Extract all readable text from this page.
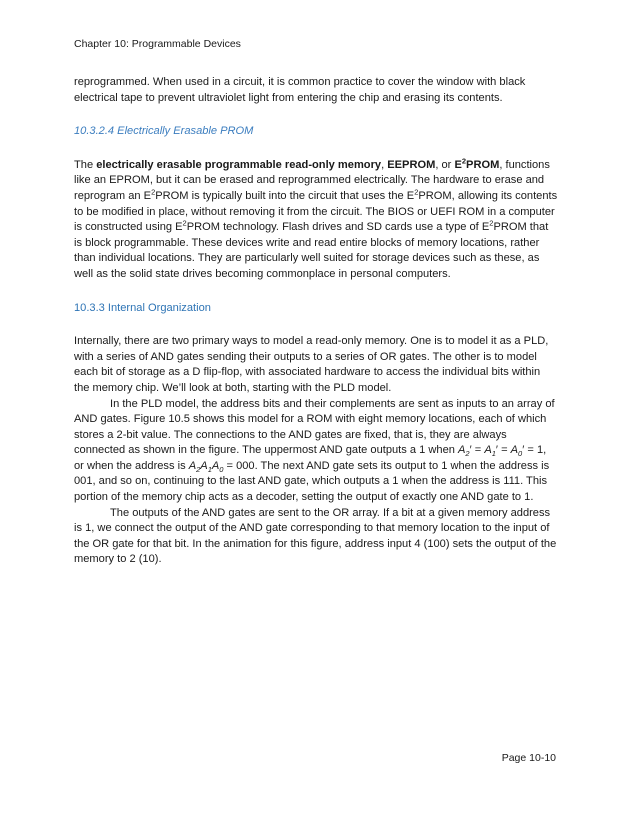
Chapter 10: Programmable Devices

reprogrammed. When used in a circuit, it is common practice to cover the window with black electrical tape to prevent ultraviolet light from entering the chip and erasing its contents.

10.3.2.4 Electrically Erasable PROM

The electrically erasable programmable read-only memory, EEPROM, or $E^2PROM$, functions like an EPROM, but it can be erased and reprogrammed electrically. The hardware to erase and reprogram an $E^2PROM$ is typically built into the circuit that uses the $E^2PROM$, allowing its contents to be modified in place, without removing it from the circuit. The BIOS or UEFI ROM in a computer is constructed using $E^2PROM$ technology. Flash drives and SD cards use a type of $E^2PROM$ that is block programmable. These devices write and read entire blocks of memory locations, rather than individual locations. They are particularly well suited for storage devices such as these, as well as the solid state drives becoming commonplace in personal computers.

10.3.3 Internal Organization

Internally, there are two primary ways to model a read-only memory. One is to model it as a PLD, with a series of AND gates sending their outputs to a series of OR gates. The other is to model each bit of storage as a D flip-flop, with associated hardware to access the individual bits within the memory chip. We’ll look at both, starting with the PLD model.

In the PLD model, the address bits and their complements are sent as inputs to an array of AND gates. Figure 10.5 shows this model for a ROM with eight memory locations, each of which stores a 2-bit value. The connections to the AND gates are fixed, that is, they are always connected as shown in the figure. The uppermost AND gate outputs a 1 when $A_2' = A_1' = A_0' = 1$, or when the address is $A_2A_1A_0 = 000$. The next AND gate sets its output to 1 when the address is 001, and so on, continuing to the last AND gate, which outputs a 1 when the address is 111. This portion of the memory chip acts as a decoder, setting the output of exactly one AND gate to 1.

The outputs of the AND gates are sent to the OR array. If a bit at a given memory address is 1, we connect the output of the AND gate corresponding to that memory location to the input of the OR gate for that bit. In the animation for this figure, address input 4 (100) sets the output of the memory to 2 (10).

Page 10-10
